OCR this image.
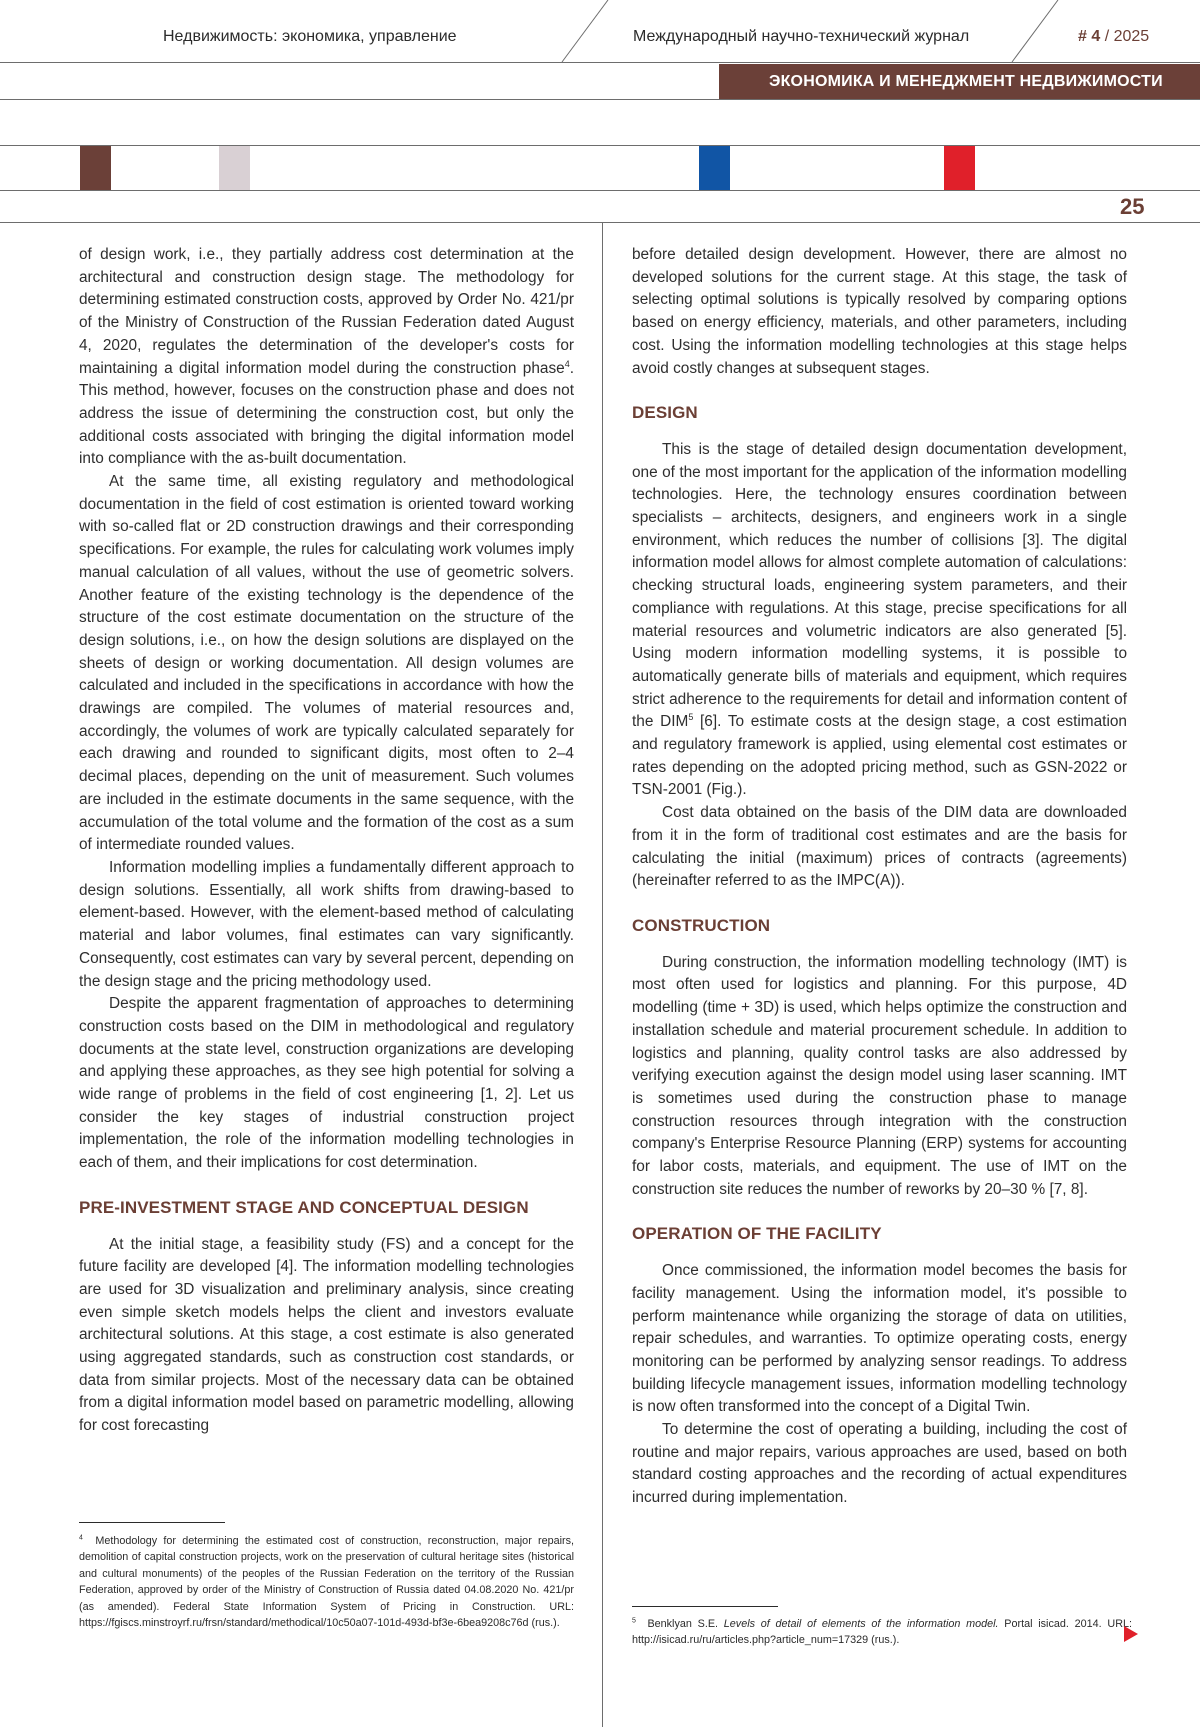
Недвижимость: экономика, управление	Международный научно-технический журнал	# 4 / 2025
ЭКОНОМИКА И МЕНЕДЖМЕНТ НЕДВИЖИМОСТИ
25

of design work, i.e., they partially address cost determination at the architectural and construction design stage. The methodology for determining estimated construction costs, approved by Order No. 421/pr of the Ministry of Construction of the Russian Federation dated August 4, 2020, regulates the determination of the developer's costs for maintaining a digital information model during the construction phase$^4$. This method, however, focuses on the construction phase and does not address the issue of determining the construction cost, but only the additional costs associated with bringing the digital information model into compliance with the as-built documentation.

At the same time, all existing regulatory and methodological documentation in the field of cost estimation is oriented toward working with so-called flat or 2D construction drawings and their corresponding specifications. For example, the rules for calculating work volumes imply manual calculation of all values, without the use of geometric solvers. Another feature of the existing technology is the dependence of the structure of the cost estimate documentation on the structure of the design solutions, i.e., on how the design solutions are displayed on the sheets of design or working documentation. All design volumes are calculated and included in the specifications in accordance with how the drawings are compiled. The volumes of material resources and, accordingly, the volumes of work are typically calculated separately for each drawing and rounded to significant digits, most often to 2–4 decimal places, depending on the unit of measurement. Such volumes are included in the estimate documents in the same sequence, with the accumulation of the total volume and the formation of the cost as a sum of intermediate rounded values.

Information modelling implies a fundamentally different approach to design solutions. Essentially, all work shifts from drawing-based to element-based. However, with the element-based method of calculating material and labor volumes, final estimates can vary significantly. Consequently, cost estimates can vary by several percent, depending on the design stage and the pricing methodology used.

Despite the apparent fragmentation of approaches to determining construction costs based on the DIM in methodological and regulatory documents at the state level, construction organizations are developing and applying these approaches, as they see high potential for solving a wide range of problems in the field of cost engineering [1, 2]. Let us consider the key stages of industrial construction project implementation, the role of the information modelling technologies in each of them, and their implications for cost determination.

PRE-INVESTMENT STAGE AND CONCEPTUAL DESIGN

At the initial stage, a feasibility study (FS) and a concept for the future facility are developed [4]. The information modelling technologies are used for 3D visualization and preliminary analysis, since creating even simple sketch models helps the client and investors evaluate architectural solutions. At this stage, a cost estimate is also generated using aggregated standards, such as construction cost standards, or data from similar projects. Most of the necessary data can be obtained from a digital information model based on parametric modelling, allowing for cost forecasting

$^4$ Methodology for determining the estimated cost of construction, reconstruction, major repairs, demolition of capital construction projects, work on the preservation of cultural heritage sites (historical and cultural monuments) of the peoples of the Russian Federation on the territory of the Russian Federation, approved by order of the Ministry of Construction of Russia dated 04.08.2020 No. 421/pr (as amended). Federal State Information System of Pricing in Construction. URL: https://fgiscs.minstroyrf.ru/frsn/standard/methodical/10c50a07-101d-493d-bf3e-6bea9208c76d (rus.).

before detailed design development. However, there are almost no developed solutions for the current stage. At this stage, the task of selecting optimal solutions is typically resolved by comparing options based on energy efficiency, materials, and other parameters, including cost. Using the information modelling technologies at this stage helps avoid costly changes at subsequent stages.

DESIGN

This is the stage of detailed design documentation development, one of the most important for the application of the information modelling technologies. Here, the technology ensures coordination between specialists – architects, designers, and engineers work in a single environment, which reduces the number of collisions [3]. The digital information model allows for almost complete automation of calculations: checking structural loads, engineering system parameters, and their compliance with regulations. At this stage, precise specifications for all material resources and volumetric indicators are also generated [5]. Using modern information modelling systems, it is possible to automatically generate bills of materials and equipment, which requires strict adherence to the requirements for detail and information content of the DIM$^5$ [6]. To estimate costs at the design stage, a cost estimation and regulatory framework is applied, using elemental cost estimates or rates depending on the adopted pricing method, such as GSN-2022 or TSN-2001 (Fig.).

Cost data obtained on the basis of the DIM data are downloaded from it in the form of traditional cost estimates and are the basis for calculating the initial (maximum) prices of contracts (agreements) (hereinafter referred to as the IMPC(A)).

CONSTRUCTION

During construction, the information modelling technology (IMT) is most often used for logistics and planning. For this purpose, 4D modelling (time + 3D) is used, which helps optimize the construction and installation schedule and material procurement schedule. In addition to logistics and planning, quality control tasks are also addressed by verifying execution against the design model using laser scanning. IMT is sometimes used during the construction phase to manage construction resources through integration with the construction company's Enterprise Resource Planning (ERP) systems for accounting for labor costs, materials, and equipment. The use of IMT on the construction site reduces the number of reworks by 20–30 % [7, 8].

OPERATION OF THE FACILITY

Once commissioned, the information model becomes the basis for facility management. Using the information model, it's possible to perform maintenance while organizing the storage of data on utilities, repair schedules, and warranties. To optimize operating costs, energy monitoring can be performed by analyzing sensor readings. To address building lifecycle management issues, information modelling technology is now often transformed into the concept of a Digital Twin.

To determine the cost of operating a building, including the cost of routine and major repairs, various approaches are used, based on both standard costing approaches and the recording of actual expenditures incurred during implementation.

$^5$ Benklyan S.E. Levels of detail of elements of the information model. Portal isicad. 2014. URL: http://isicad.ru/ru/articles.php?article_num=17329 (rus.).
